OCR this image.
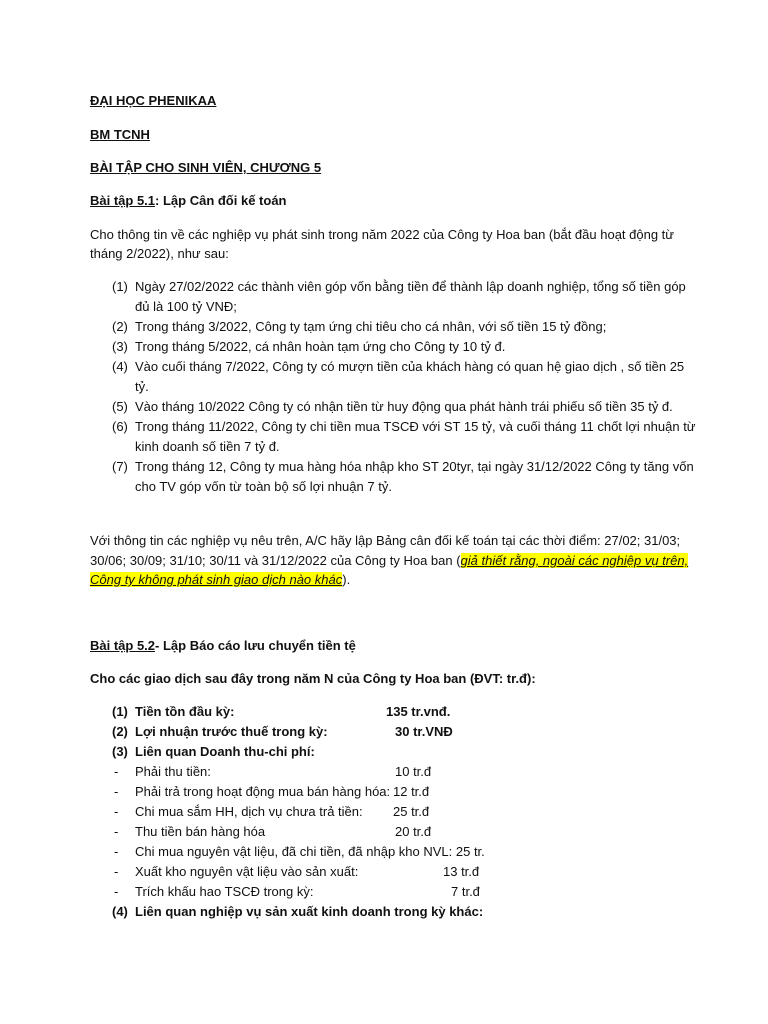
ĐẠI HỌC PHENIKAA
BM TCNH
BÀI TẬP CHO SINH VIÊN, CHƯƠNG 5
Bài tập 5.1: Lập Cân đối kế toán
Cho thông tin về các nghiệp vụ phát sinh trong năm 2022 của Công ty Hoa ban (bắt đầu hoạt động từ
tháng 2/2022), như sau:
(1) Ngày 27/02/2022 các thành viên góp vốn bằng tiền để thành lập doanh nghiệp, tổng số tiền góp
đủ là 100 tỷ VNĐ;
(2) Trong tháng 3/2022, Công ty tạm ứng chi tiêu cho cá nhân, với số tiền 15 tỷ đồng;
(3) Trong tháng 5/2022, cá nhân hoàn tạm ứng cho Công ty 10 tỷ đ.
(4) Vào cuối tháng 7/2022, Công ty có mượn tiền của khách hàng có quan hệ giao dịch , số tiền 25
tỷ.
(5) Vào tháng 10/2022 Công ty có nhận tiền từ huy động qua phát hành trái phiếu số tiền 35 tỷ đ.
(6) Trong tháng 11/2022, Công ty chi tiền mua TSCĐ với ST 15 tỷ, và cuối tháng 11 chốt lợi nhuận từ
kinh doanh số tiền 7 tỷ đ.
(7) Trong tháng 12, Công ty mua hàng hóa nhập kho ST 20tyr, tại ngày 31/12/2022 Công ty tăng vốn
cho TV góp vốn từ toàn bộ số lợi nhuận 7 tỷ.
Với thông tin các nghiệp vụ nêu trên, A/C hãy lập Bảng cân đối kế toán tại các thời điểm: 27/02; 31/03;
30/06; 30/09; 31/10; 30/11 và 31/12/2022 của Công ty Hoa ban (giả thiết rằng, ngoài các nghiệp vụ trên,
Công ty không phát sinh giao dịch nào khác).
Bài tập 5.2- Lập Báo cáo lưu chuyển tiền tệ
Cho các giao dịch sau đây trong năm N của Công ty Hoa ban (ĐVT: tr.đ):
(1) Tiền tồn đầu kỳ:	135 tr.vnđ.
(2) Lợi nhuận trước thuế trong kỳ:	30 tr.VNĐ
(3) Liên quan Doanh thu-chi phí:
- Phải thu tiền:	10 tr.đ
- Phải trả trong hoạt động mua bán hàng hóa: 12 tr.đ
- Chi mua sắm HH, dịch vụ chưa trả tiền: 25 tr.đ
- Thu tiền bán hàng hóa	20 tr.đ
- Chi mua nguyên vật liệu, đã chi tiền, đã nhập kho NVL: 25 tr.
- Xuất kho nguyên vật liệu vào sản xuất:	13 tr.đ
- Trích khấu hao TSCĐ trong kỳ:	7 tr.đ
(4) Liên quan nghiệp vụ sản xuất kinh doanh trong kỳ khác:
